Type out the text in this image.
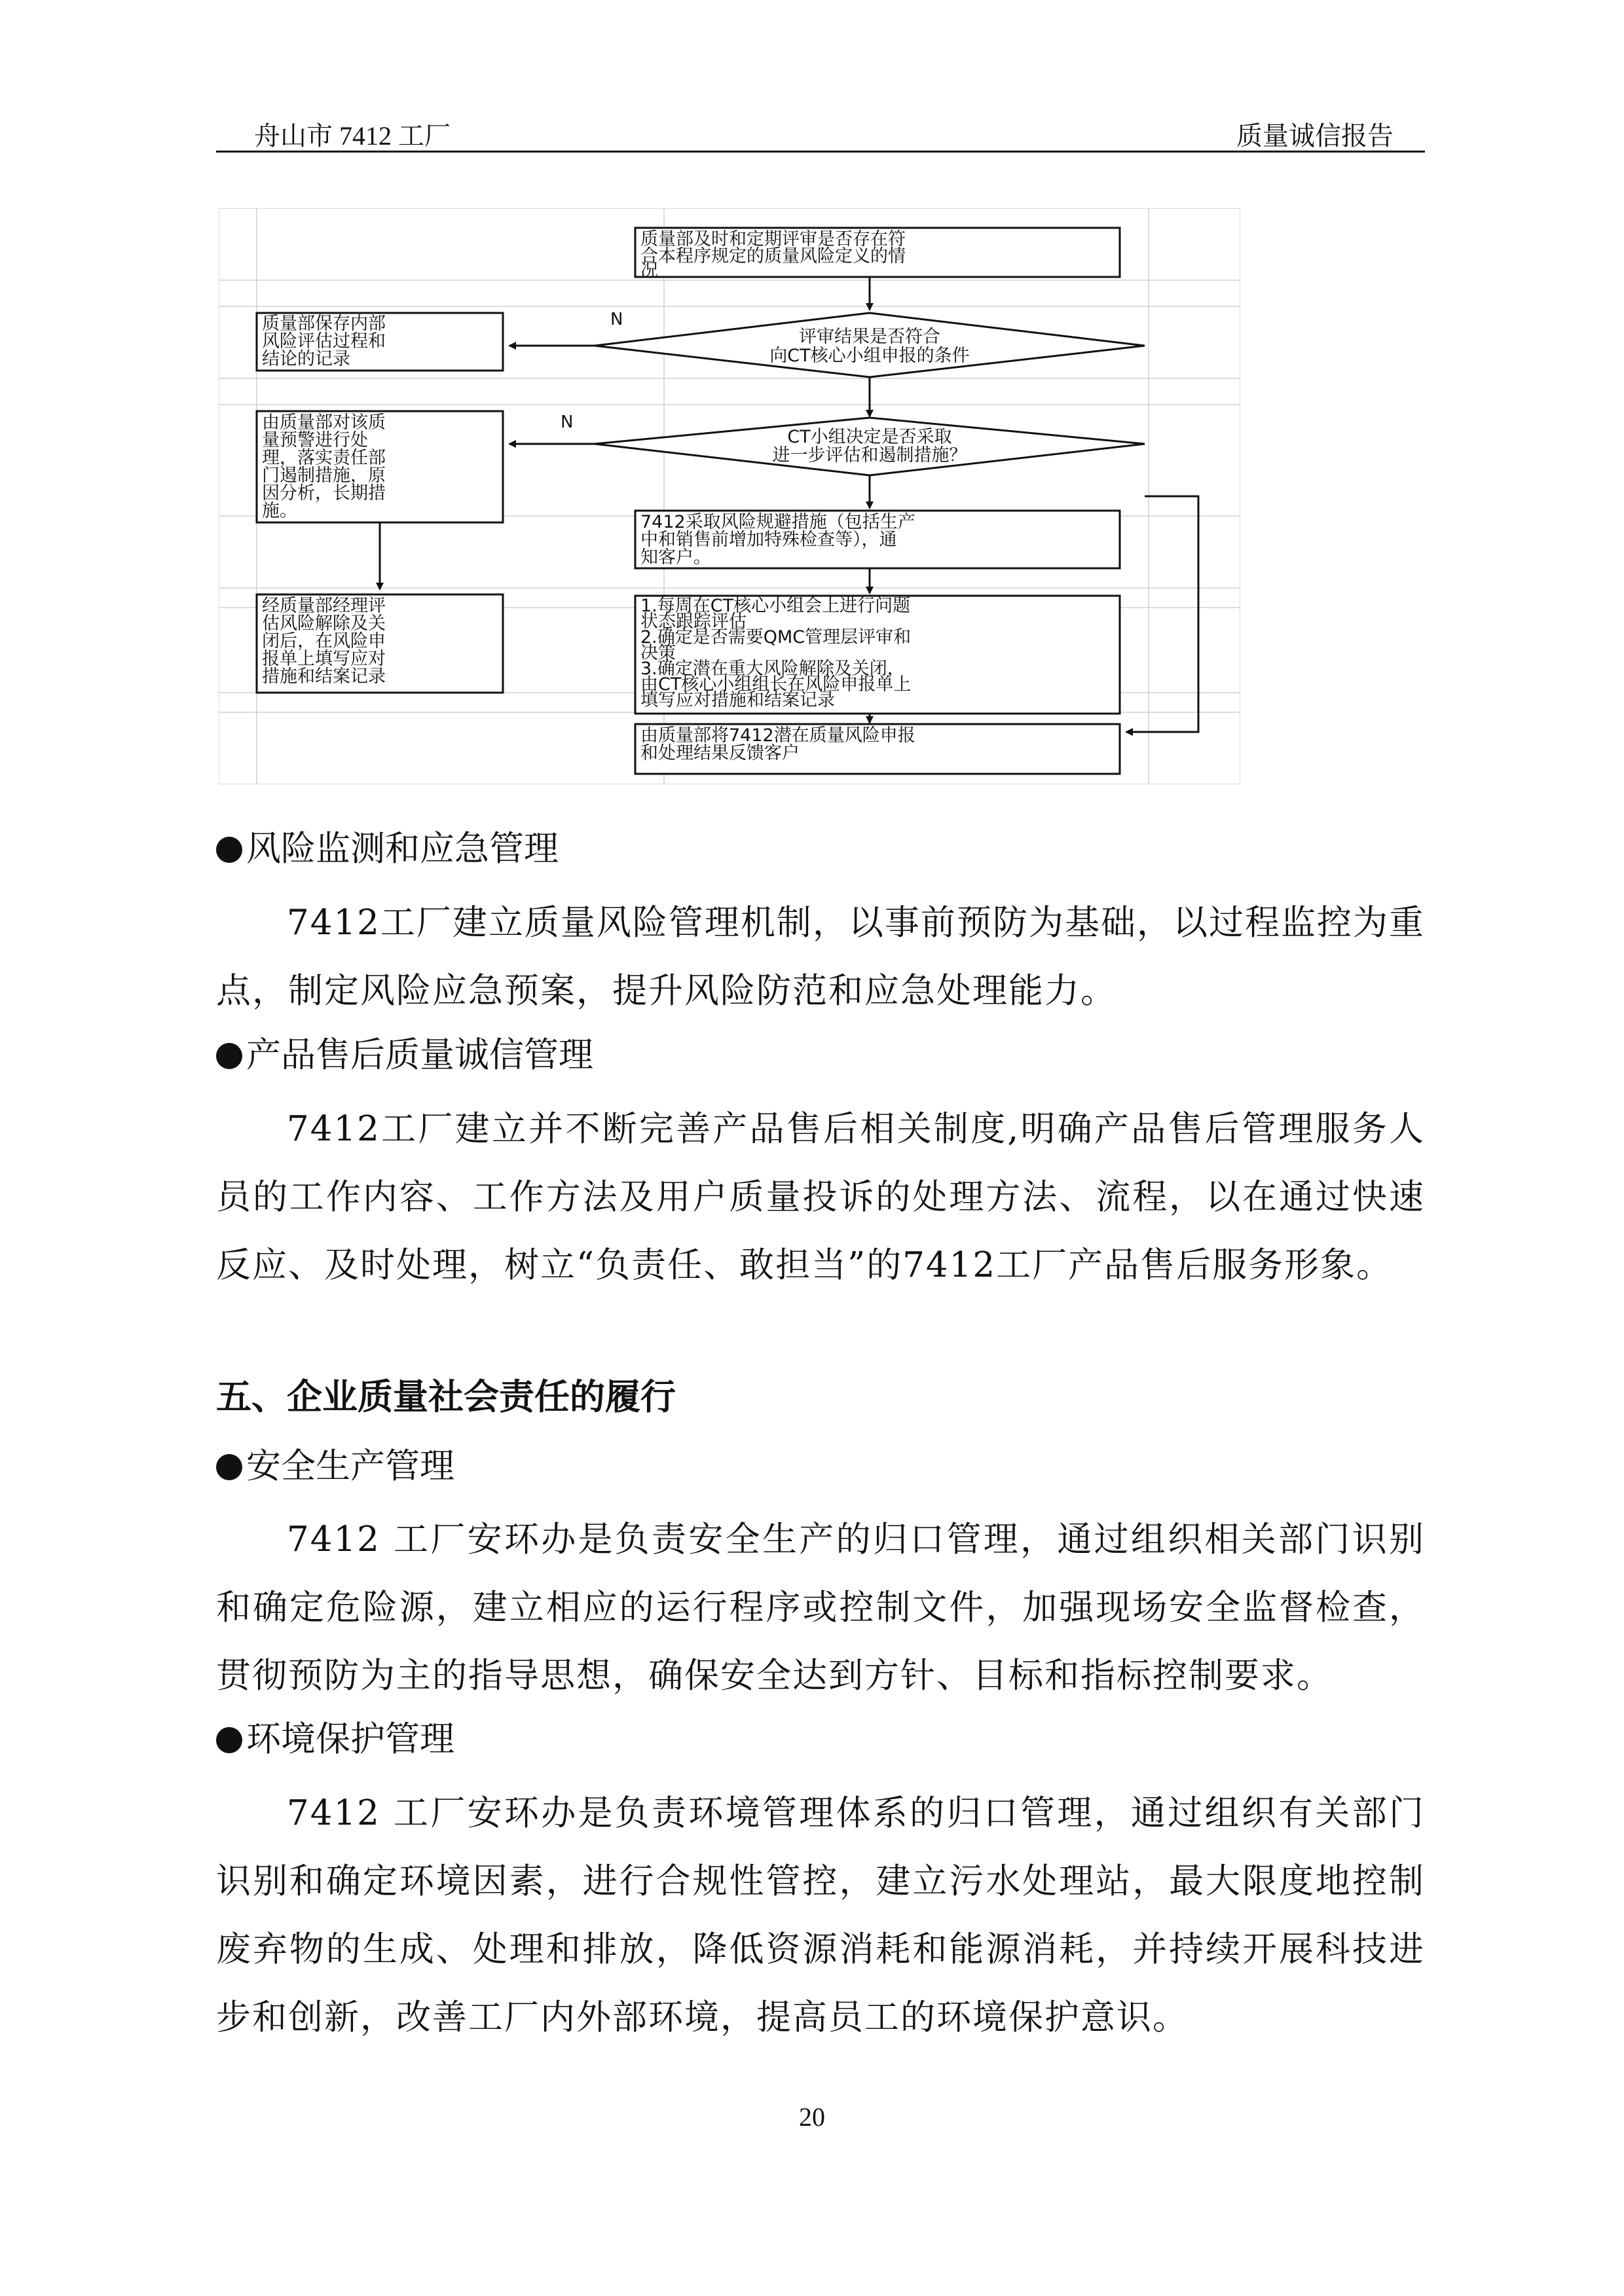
舟山市 7412 工厂	质量诚信报告
质量部及时和定期评审是否存在符
合本程序规定的质量风险定义的情
况
评审结果是否符合
向CT核心小组申报的条件
N
质量部保存内部
风险评估过程和
结论的记录
CT小组决定是否采取
进一步评估和遏制措施？
N
由质量部对该质
量预警进行处
理，落实责任部
门遏制措施，原
因分析，长期措
施。
7412采取风险规避措施（包括生产
中和销售前增加特殊检查等），通
知客户。
经质量部经理评
估风险解除及关
闭后，在风险申
报单上填写应对
措施和结案记录
1.每周在CT核心小组会上进行问题
状态跟踪评估
2.确定是否需要QMC管理层评审和
决策
3.确定潜在重大风险解除及关闭，
由CT核心小组组长在风险申报单上
填写应对措施和结案记录
由质量部将7412潜在质量风险申报
和处理结果反馈客户
风险监测和应急管理
7412工厂建立质量风险管理机制，以事前预防为基础，以过程监控为重点，制定风险应急预案，提升风险防范和应急处理能力。
产品售后质量诚信管理
7412工厂建立并不断完善产品售后相关制度,明确产品售后管理服务人员的工作内容、工作方法及用户质量投诉的处理方法、流程，以在通过快速反应、及时处理，树立“负责任、敢担当”的7412工厂产品售后服务形象。
五、企业质量社会责任的履行
安全生产管理
7412 工厂安环办是负责安全生产的归口管理，通过组织相关部门识别和确定危险源，建立相应的运行程序或控制文件，加强现场安全监督检查，贯彻预防为主的指导思想，确保安全达到方针、目标和指标控制要求。
环境保护管理
7412 工厂安环办是负责环境管理体系的归口管理，通过组织有关部门识别和确定环境因素，进行合规性管控，建立污水处理站，最大限度地控制废弃物的生成、处理和排放，降低资源消耗和能源消耗，并持续开展科技进步和创新，改善工厂内外部环境，提高员工的环境保护意识。
20
